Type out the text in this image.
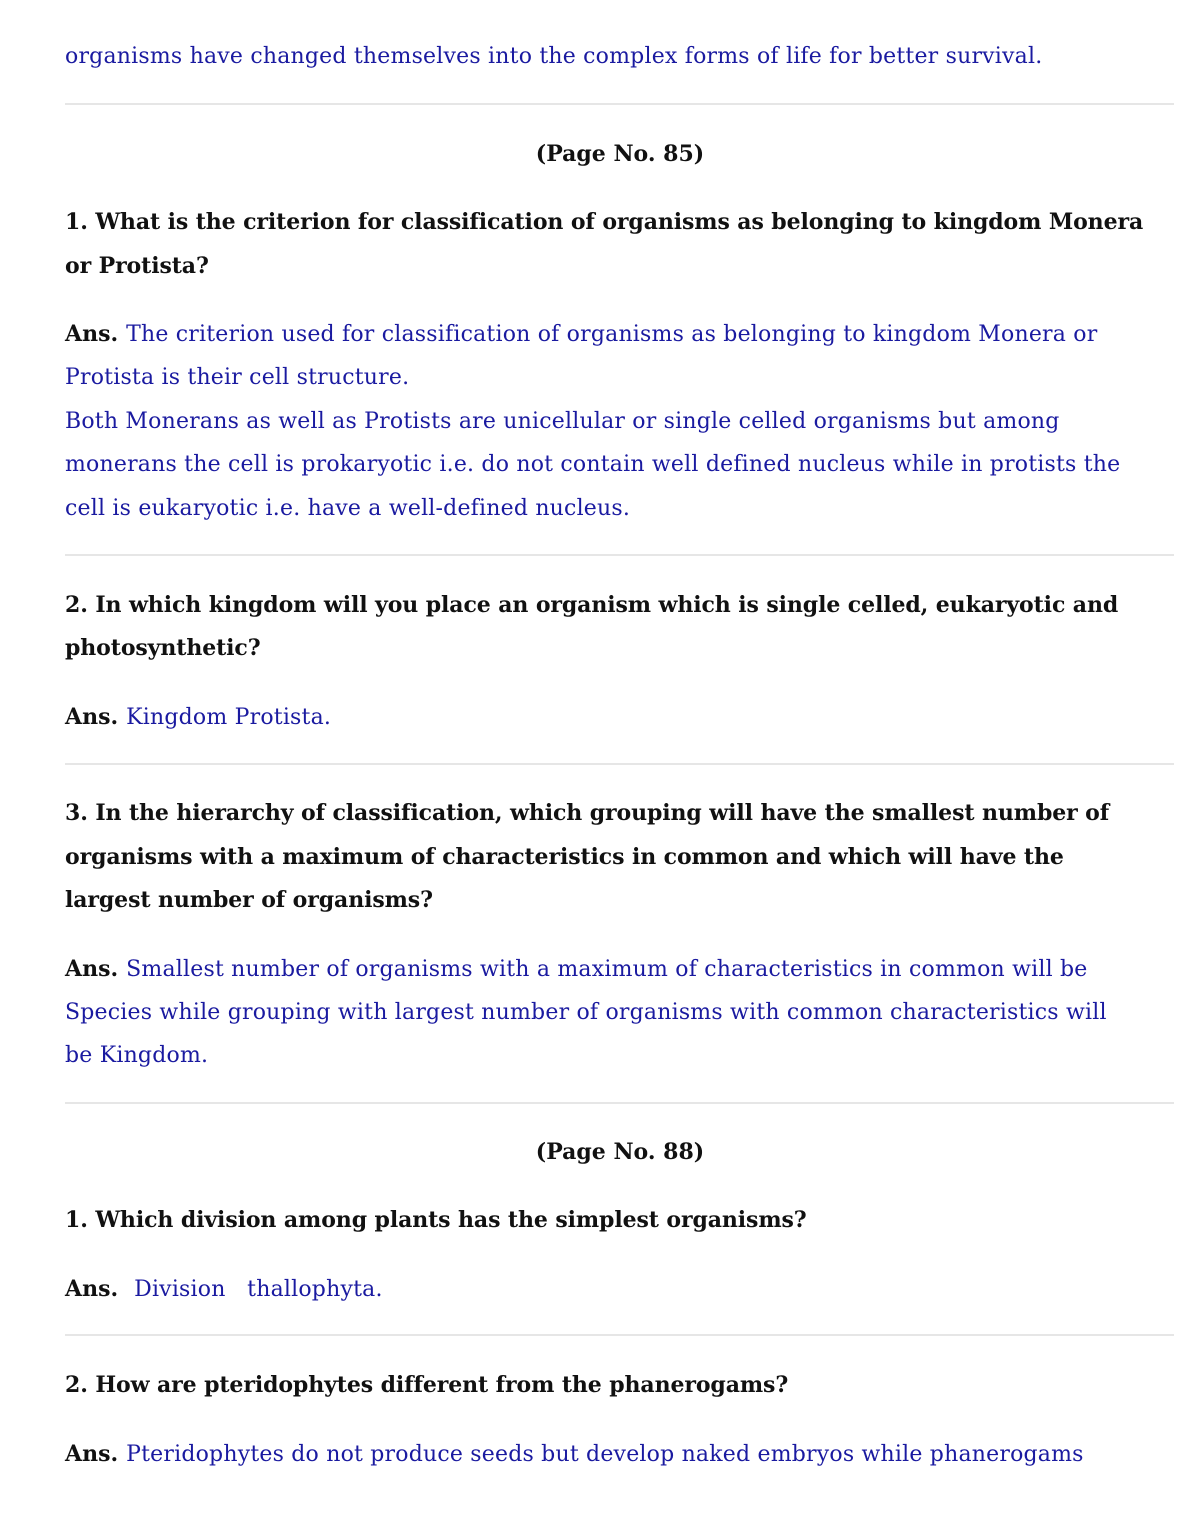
organisms have changed themselves into the complex forms of life for better survival.
(Page No. 85)
1. What is the criterion for classification of organisms as belonging to kingdom Monera
or Protista?
Ans. The criterion used for classification of organisms as belonging to kingdom Monera or
Protista is their cell structure.
Both Monerans as well as Protists are unicellular or single celled organisms but among
monerans the cell is prokaryotic i.e. do not contain well defined nucleus while in protists the
cell is eukaryotic i.e. have a well-defined nucleus.
2. In which kingdom will you place an organism which is single celled, eukaryotic and
photosynthetic?
Ans. Kingdom Protista.
3. In the hierarchy of classification, which grouping will have the smallest number of
organisms with a maximum of characteristics in common and which will have the
largest number of organisms?
Ans. Smallest number of organisms with a maximum of characteristics in common will be
Species while grouping with largest number of organisms with common characteristics will
be Kingdom.
(Page No. 88)
1. Which division among plants has the simplest organisms?
Ans. Division   thallophyta.
2. How are pteridophytes different from the phanerogams?
Ans. Pteridophytes do not produce seeds but develop naked embryos while phanerogams
